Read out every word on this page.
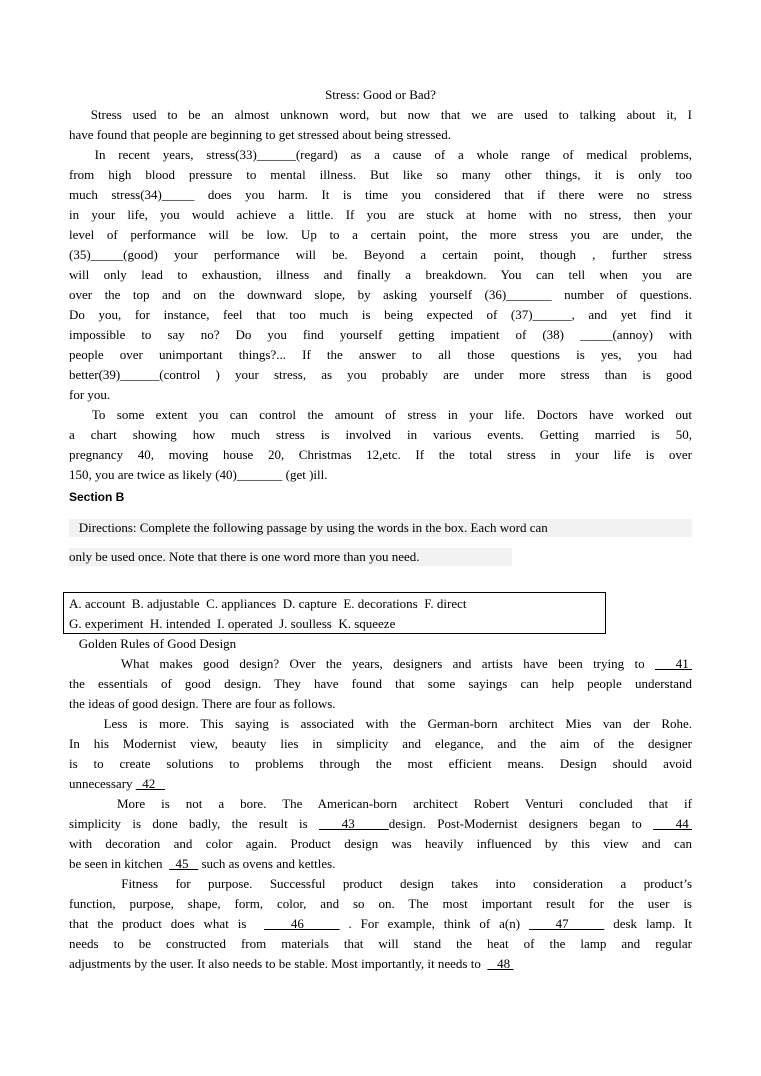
Stress: Good or Bad?
Stress used to be an almost unknown word, but now that we are used to talking about it, I
have found that people are beginning to get stressed about being stressed.
In recent years, stress(33)______(regard) as a cause of a whole range of medical problems,
from high blood pressure to mental illness. But like so many other things, it is only too
much stress(34)_____ does you harm. It is time you considered that if there were no stress
in your life, you would achieve a little. If you are stuck at home with no stress, then your
level of performance will be low. Up to a certain point, the more stress you are under, the
(35)_____(good) your performance will be. Beyond a certain point, though , further stress
will only lead to exhaustion, illness and finally a breakdown. You can tell when you are
over the top and on the downward slope, by asking yourself (36)_______ number of questions.
Do you, for instance, feel that too much is being expected of (37)______, and yet find it
impossible to say no? Do you find yourself getting impatient of (38) _____(annoy) with
people over unimportant things?... If the answer to all those questions is yes, you had
better(39)______(control ) your stress, as you probably are under more stress than is good
for you.
To some extent you can control the amount of stress in your life. Doctors have worked out
a chart showing how much stress is involved in various events. Getting married is 50,
pregnancy 40, moving house 20, Christmas 12,etc. If the total stress in your life is over
150, you are twice as likely (40)_______ (get )ill.
Section B
Directions: Complete the following passage by using the words in the box. Each word can
only be used once. Note that there is one word more than you need.
A. account  B. adjustable  C. appliances  D. capture  E. decorations  F. direct
G. experiment  H. intended  I. operated  J. soulless  K. squeeze
Golden Rules of Good Design
What makes good design? Over the years, designers and artists have been trying to   41
the essentials of good design. They have found that some sayings can help people understand
the ideas of good design. There are four as follows.
Less is more. This saying is associated with the German-born architect Mies van der Rohe.
In his Modernist view, beauty lies in simplicity and elegance, and the aim of the designer
is to create solutions to problems through the most efficient means. Design should avoid
unnecessary   42
More is not a bore. The American-born architect Robert Venturi concluded that if
simplicity is done badly, the result is   43   design. Post-Modernist designers began to   44
with decoration and color again. Product design was heavily influenced by this view and can
be seen in kitchen    45    such as ovens and kettles.
Fitness for purpose. Successful product design takes into consideration a product’s
function, purpose, shape, form, color, and so on. The most important result for the user is
that the product does what is     46     . For example, think of a(n)    47     desk lamp. It
needs to be constructed from materials that will stand the heat of the lamp and regular
adjustments by the user. It also needs to be stable. Most importantly, it needs to     48
